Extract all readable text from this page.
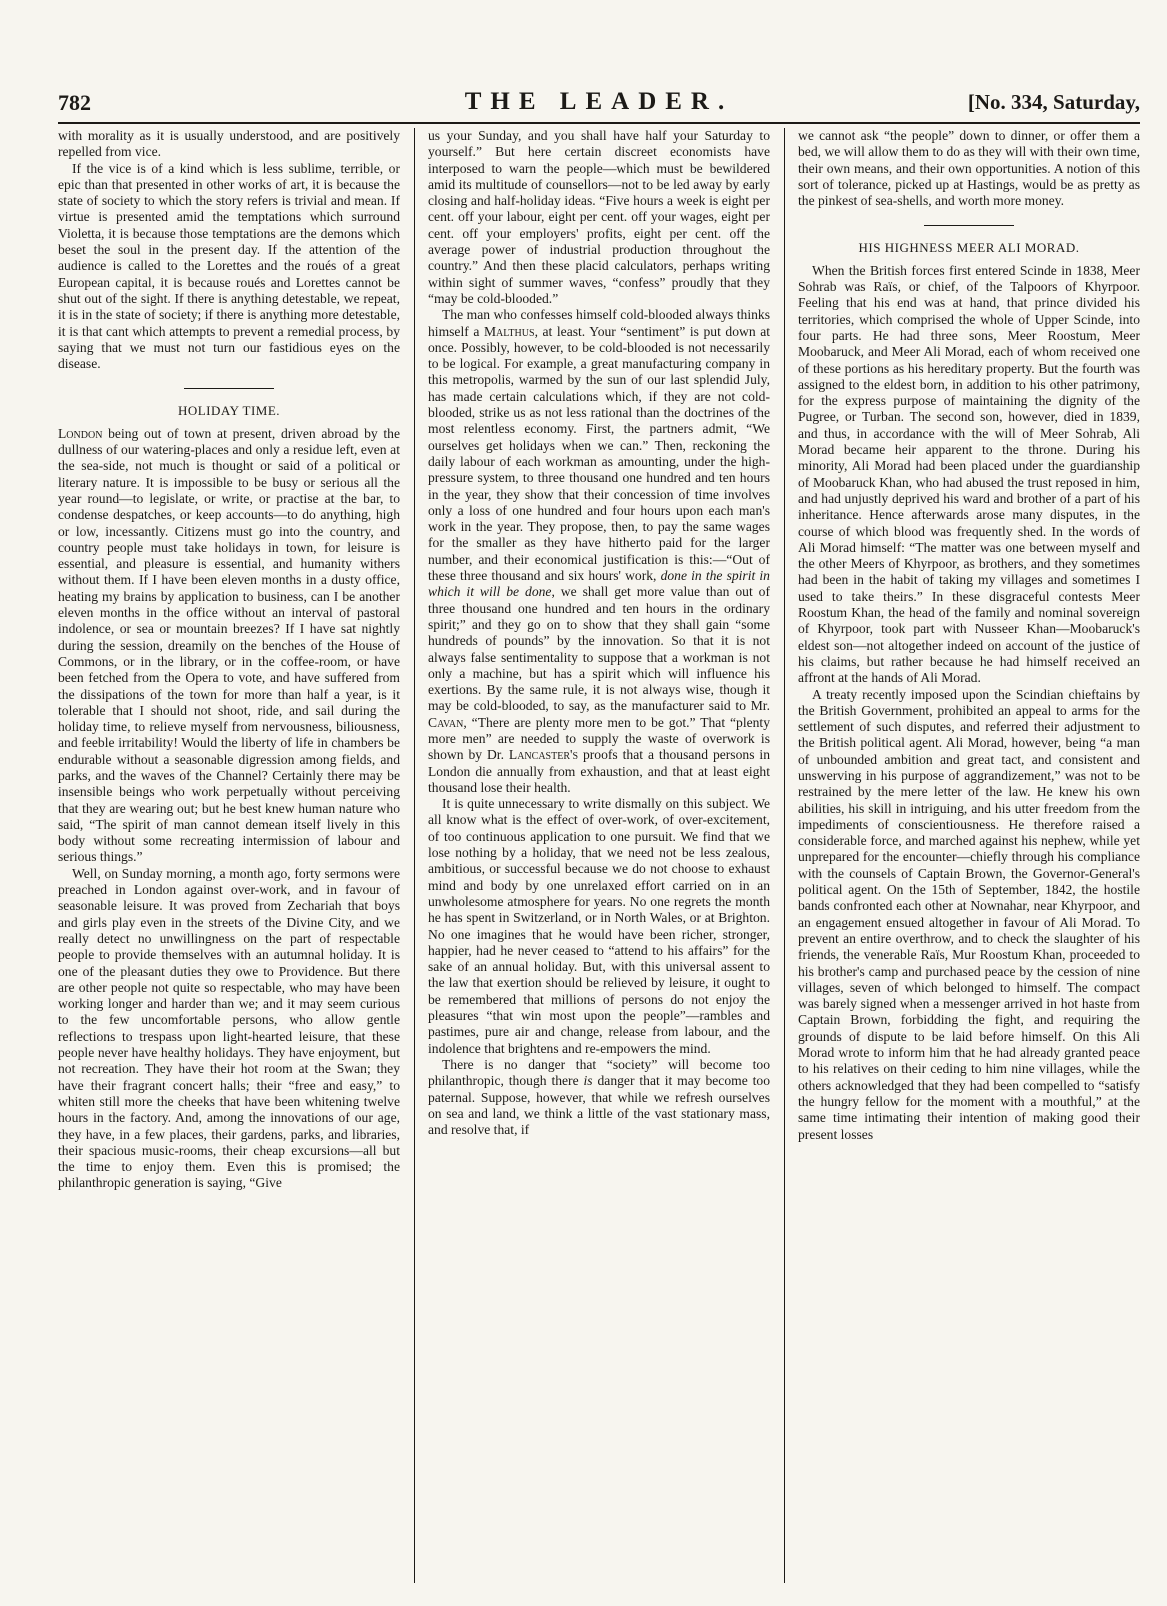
782	THE LEADER.	[No. 334, Saturday,

with morality as it is usually understood, and are positively repelled from vice.

If the vice is of a kind which is less sublime, terrible, or epic than that presented in other works of art, it is because the state of society to which the story refers is trivial and mean. If virtue is presented amid the temptations which surround Violetta, it is because those temptations are the demons which beset the soul in the present day. If the attention of the audience is called to the Lorettes and the roués of a great European capital, it is because roués and Lorettes cannot be shut out of the sight. If there is anything detestable, we repeat, it is in the state of society; if there is anything more detestable, it is that cant which attempts to prevent a remedial process, by saying that we must not turn our fastidious eyes on the disease.

HOLIDAY TIME.

London being out of town at present, driven abroad by the dullness of our watering-places and only a residue left, even at the sea-side, not much is thought or said of a political or literary nature. It is impossible to be busy or serious all the year round—to legislate, or write, or practise at the bar, to condense despatches, or keep accounts—to do anything, high or low, incessantly. Citizens must go into the country, and country people must take holidays in town, for leisure is essential, and pleasure is essential, and humanity withers without them. If I have been eleven months in a dusty office, heating my brains by application to business, can I be another eleven months in the office without an interval of pastoral indolence, or sea or mountain breezes? If I have sat nightly during the session, dreamily on the benches of the House of Commons, or in the library, or in the coffee-room, or have been fetched from the Opera to vote, and have suffered from the dissipations of the town for more than half a year, is it tolerable that I should not shoot, ride, and sail during the holiday time, to relieve myself from nervousness, biliousness, and feeble irritability! Would the liberty of life in chambers be endurable without a seasonable digression among fields, and parks, and the waves of the Channel? Certainly there may be insensible beings who work perpetually without perceiving that they are wearing out; but he best knew human nature who said, “The spirit of man cannot demean itself lively in this body without some recreating intermission of labour and serious things.”

Well, on Sunday morning, a month ago, forty sermons were preached in London against over-work, and in favour of seasonable leisure. It was proved from Zechariah that boys and girls play even in the streets of the Divine City, and we really detect no unwillingness on the part of respectable people to provide themselves with an autumnal holiday. It is one of the pleasant duties they owe to Providence. But there are other people not quite so respectable, who may have been working longer and harder than we; and it may seem curious to the few uncomfortable persons, who allow gentle reflections to trespass upon light-hearted leisure, that these people never have healthy holidays. They have enjoyment, but not recreation. They have their hot room at the Swan; they have their fragrant concert halls; their “free and easy,” to whiten still more the cheeks that have been whitening twelve hours in the factory. And, among the innovations of our age, they have, in a few places, their gardens, parks, and libraries, their spacious music-rooms, their cheap excursions—all but the time to enjoy them. Even this is promised; the philanthropic generation is saying, “Give

us your Sunday, and you shall have half your Saturday to yourself.” But here certain discreet economists have interposed to warn the people—which must be bewildered amid its multitude of counsellors—not to be led away by early closing and half-holiday ideas. “Five hours a week is eight per cent. off your labour, eight per cent. off your wages, eight per cent. off your employers' profits, eight per cent. off the average power of industrial production throughout the country.” And then these placid calculators, perhaps writing within sight of summer waves, “confess” proudly that they “may be cold-blooded.”

The man who confesses himself cold-blooded always thinks himself a Malthus, at least. Your “sentiment” is put down at once. Possibly, however, to be cold-blooded is not necessarily to be logical. For example, a great manufacturing company in this metropolis, warmed by the sun of our last splendid July, has made certain calculations which, if they are not cold-blooded, strike us as not less rational than the doctrines of the most relentless economy. First, the partners admit, “We ourselves get holidays when we can.” Then, reckoning the daily labour of each workman as amounting, under the high-pressure system, to three thousand one hundred and ten hours in the year, they show that their concession of time involves only a loss of one hundred and four hours upon each man's work in the year. They propose, then, to pay the same wages for the smaller as they have hitherto paid for the larger number, and their economical justification is this:—“Out of these three thousand and six hours' work, done in the spirit in which it will be done, we shall get more value than out of three thousand one hundred and ten hours in the ordinary spirit;” and they go on to show that they shall gain “some hundreds of pounds” by the innovation. So that it is not always false sentimentality to suppose that a workman is not only a machine, but has a spirit which will influence his exertions. By the same rule, it is not always wise, though it may be cold-blooded, to say, as the manufacturer said to Mr. Cavan, “There are plenty more men to be got.” That “plenty more men” are needed to supply the waste of overwork is shown by Dr. Lancaster's proofs that a thousand persons in London die annually from exhaustion, and that at least eight thousand lose their health.

It is quite unnecessary to write dismally on this subject. We all know what is the effect of over-work, of over-excitement, of too continuous application to one pursuit. We find that we lose nothing by a holiday, that we need not be less zealous, ambitious, or successful because we do not choose to exhaust mind and body by one unrelaxed effort carried on in an unwholesome atmosphere for years. No one regrets the month he has spent in Switzerland, or in North Wales, or at Brighton. No one imagines that he would have been richer, stronger, happier, had he never ceased to “attend to his affairs” for the sake of an annual holiday. But, with this universal assent to the law that exertion should be relieved by leisure, it ought to be remembered that millions of persons do not enjoy the pleasures “that win most upon the people”—rambles and pastimes, pure air and change, release from labour, and the indolence that brightens and re-empowers the mind.

There is no danger that “society” will become too philanthropic, though there is danger that it may become too paternal. Suppose, however, that while we refresh ourselves on sea and land, we think a little of the vast stationary mass, and resolve that, if

we cannot ask “the people” down to dinner, or offer them a bed, we will allow them to do as they will with their own time, their own means, and their own opportunities. A notion of this sort of tolerance, picked up at Hastings, would be as pretty as the pinkest of sea-shells, and worth more money.

HIS HIGHNESS MEER ALI MORAD.

When the British forces first entered Scinde in 1838, Meer Sohrab was Raïs, or chief, of the Talpoors of Khyrpoor. Feeling that his end was at hand, that prince divided his territories, which comprised the whole of Upper Scinde, into four parts. He had three sons, Meer Roostum, Meer Moobaruck, and Meer Ali Morad, each of whom received one of these portions as his hereditary property. But the fourth was assigned to the eldest born, in addition to his other patrimony, for the express purpose of maintaining the dignity of the Pugree, or Turban. The second son, however, died in 1839, and thus, in accordance with the will of Meer Sohrab, Ali Morad became heir apparent to the throne. During his minority, Ali Morad had been placed under the guardianship of Moobaruck Khan, who had abused the trust reposed in him, and had unjustly deprived his ward and brother of a part of his inheritance. Hence afterwards arose many disputes, in the course of which blood was frequently shed. In the words of Ali Morad himself: “The matter was one between myself and the other Meers of Khyrpoor, as brothers, and they sometimes had been in the habit of taking my villages and sometimes I used to take theirs.” In these disgraceful contests Meer Roostum Khan, the head of the family and nominal sovereign of Khyrpoor, took part with Nusseer Khan—Moobaruck's eldest son—not altogether indeed on account of the justice of his claims, but rather because he had himself received an affront at the hands of Ali Morad.

A treaty recently imposed upon the Scindian chieftains by the British Government, prohibited an appeal to arms for the settlement of such disputes, and referred their adjustment to the British political agent. Ali Morad, however, being “a man of unbounded ambition and great tact, and consistent and unswerving in his purpose of aggrandizement,” was not to be restrained by the mere letter of the law. He knew his own abilities, his skill in intriguing, and his utter freedom from the impediments of conscientiousness. He therefore raised a considerable force, and marched against his nephew, while yet unprepared for the encounter—chiefly through his compliance with the counsels of Captain Brown, the Governor-General's political agent. On the 15th of September, 1842, the hostile bands confronted each other at Nownahar, near Khyrpoor, and an engagement ensued altogether in favour of Ali Morad. To prevent an entire overthrow, and to check the slaughter of his friends, the venerable Raïs, Mur Roostum Khan, proceeded to his brother's camp and purchased peace by the cession of nine villages, seven of which belonged to himself. The compact was barely signed when a messenger arrived in hot haste from Captain Brown, forbidding the fight, and requiring the grounds of dispute to be laid before himself. On this Ali Morad wrote to inform him that he had already granted peace to his relatives on their ceding to him nine villages, while the others acknowledged that they had been compelled to “satisfy the hungry fellow for the moment with a mouthful,” at the same time intimating their intention of making good their present losses
